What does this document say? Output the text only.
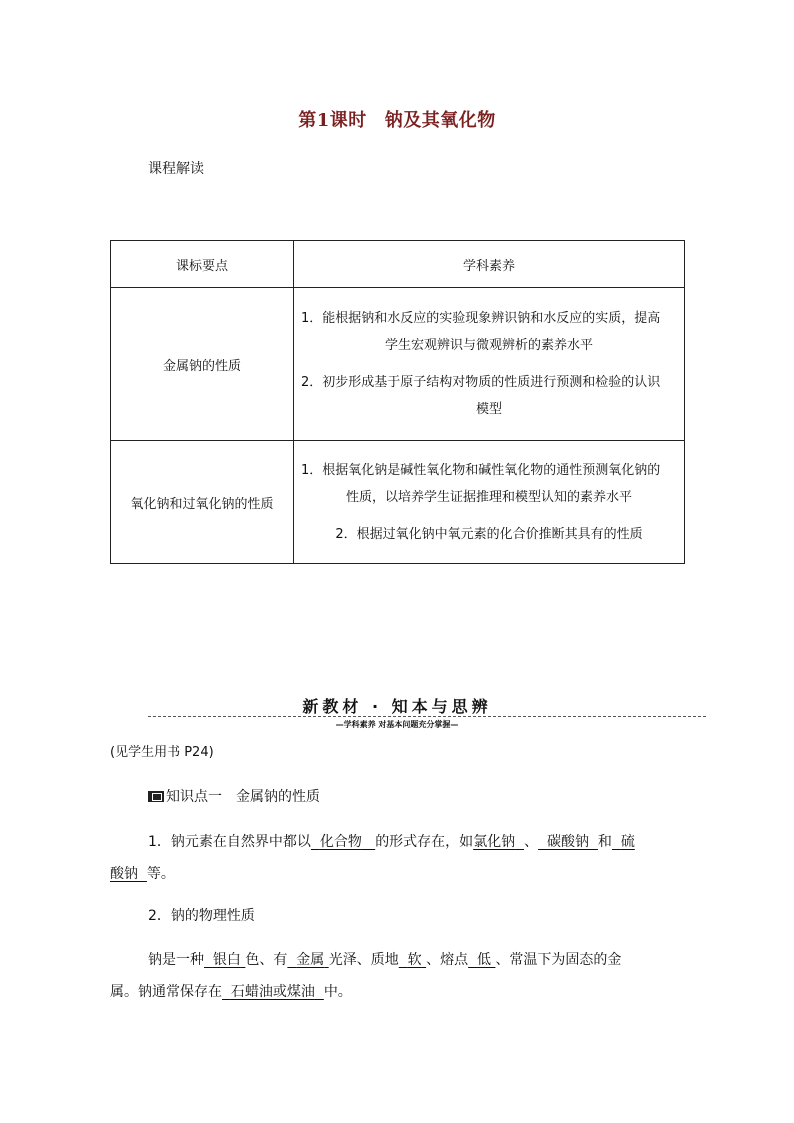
第1课时 钠及其氧化物
课程解读
课标要点	学科素养
金属钠的性质	1．能根据钠和水反应的实验现象辨识钠和水反应的实质，提高

学生宏观辨识与微观辨析的素养水平

2．初步形成基于原子结构对物质的性质进行预测和检验的认识

模型

氧化钠和过氧化钠的性质	1．根据氧化钠是碱性氧化物和碱性氧化物的通性预测氧化钠的

性质，以培养学生证据推理和模型认知的素养水平

2．根据过氧化钠中氧元素的化合价推断其具有的性质

新教材 · 知本与思辨
—学科素养 对基本问题充分掌握—
(见学生用书 P24)
知识点一 金属钠的性质
1．钠元素在自然界中都以 化合物 的形式存在，如氯化钠 、 碳酸钠 和 硫
酸钠 等。
2．钠的物理性质
钠是一种 银白 色、有 金属 光泽、质地 软 、熔点 低 、常温下为固态的金
属。钠通常保存在 石蜡油或煤油 中。
